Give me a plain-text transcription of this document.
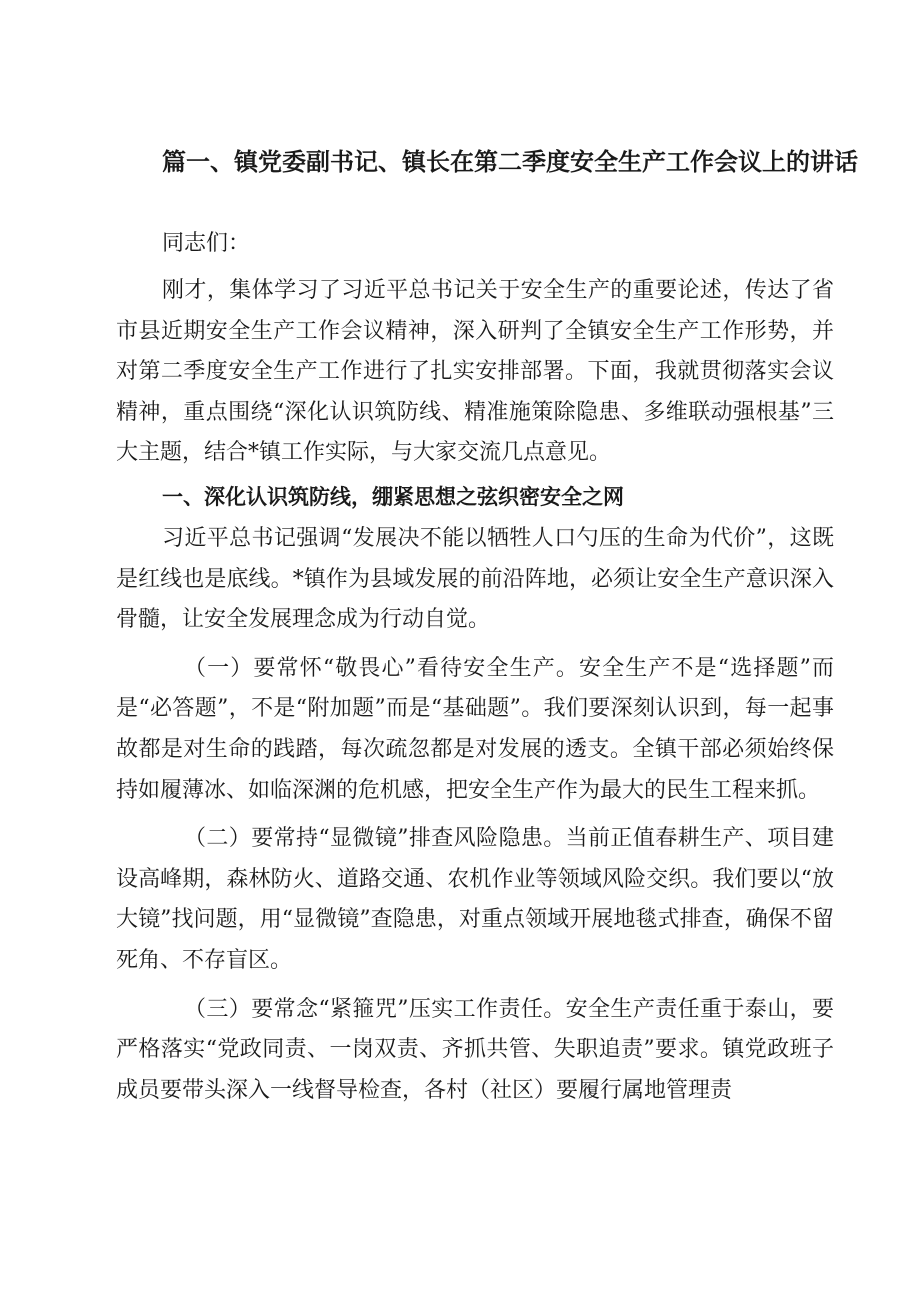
篇一、镇党委副书记、镇长在第二季度安全生产工作会议上的讲话

同志们：

刚才，集体学习了习近平总书记关于安全生产的重要论述，传达了省市县近期安全生产工作会议精神，深入研判了全镇安全生产工作形势，并对第二季度安全生产工作进行了扎实安排部署。下面，我就贯彻落实会议精神，重点围绕“深化认识筑防线、精准施策除隐患、多维联动强根基”三大主题，结合*镇工作实际，与大家交流几点意见。

一、深化认识筑防线，绷紧思想之弦织密安全之网

习近平总书记强调“发展决不能以牺牲人口勺压的生命为代价”，这既是红线也是底线。*镇作为县域发展的前沿阵地，必须让安全生产意识深入骨髓，让安全发展理念成为行动自觉。

（一）要常怀“敬畏心”看待安全生产。安全生产不是“选择题”而是“必答题”，不是“附加题”而是“基础题”。我们要深刻认识到，每一起事故都是对生命的践踏，每次疏忽都是对发展的透支。全镇干部必须始终保持如履薄冰、如临深渊的危机感，把安全生产作为最大的民生工程来抓。

（二）要常持“显微镜”排查风险隐患。当前正值春耕生产、项目建设高峰期，森林防火、道路交通、农机作业等领域风险交织。我们要以“放大镜”找问题，用“显微镜”查隐患，对重点领域开展地毯式排查，确保不留死角、不存盲区。

（三）要常念“紧箍咒”压实工作责任。安全生产责任重于泰山，要严格落实“党政同责、一岗双责、齐抓共管、失职追责”要求。镇党政班子成员要带头深入一线督导检查，各村（社区）要履行属地管理责
